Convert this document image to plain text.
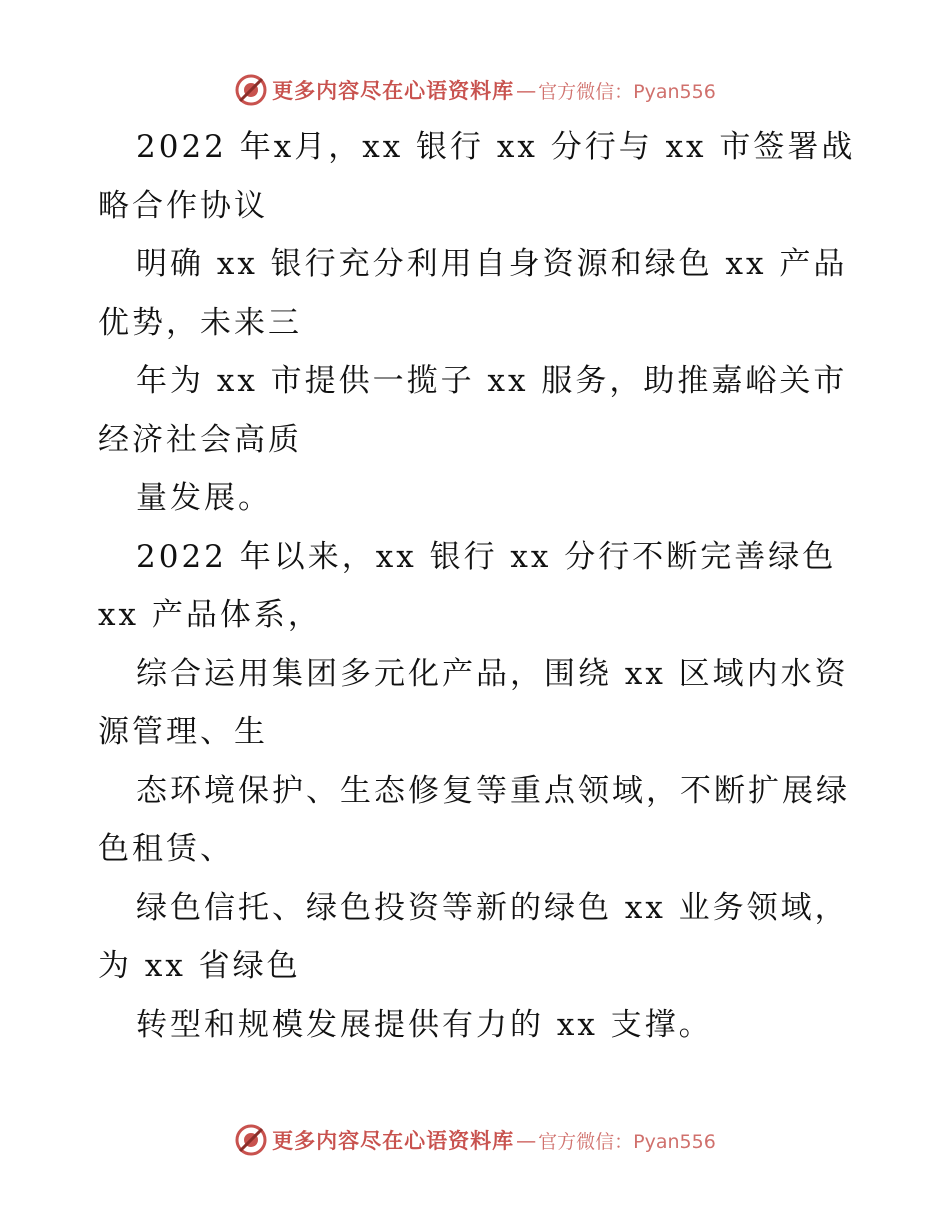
更多内容尽在心语资料库 — 官方微信：Pyan556
2022 年x月，xx 银行 xx 分行与 xx 市签署战
略合作协议
明确 xx 银行充分利用自身资源和绿色 xx 产品
优势，未来三
年为 xx 市提供一揽子 xx 服务，助推嘉峪关市
经济社会高质
量发展。
2022 年以来，xx 银行 xx 分行不断完善绿色
xx 产品体系，
综合运用集团多元化产品，围绕 xx 区域内水资
源管理、生
态环境保护、生态修复等重点领域，不断扩展绿
色租赁、
绿色信托、绿色投资等新的绿色 xx 业务领域，
为 xx 省绿色
转型和规模发展提供有力的 xx 支撑。
更多内容尽在心语资料库 — 官方微信：Pyan556
